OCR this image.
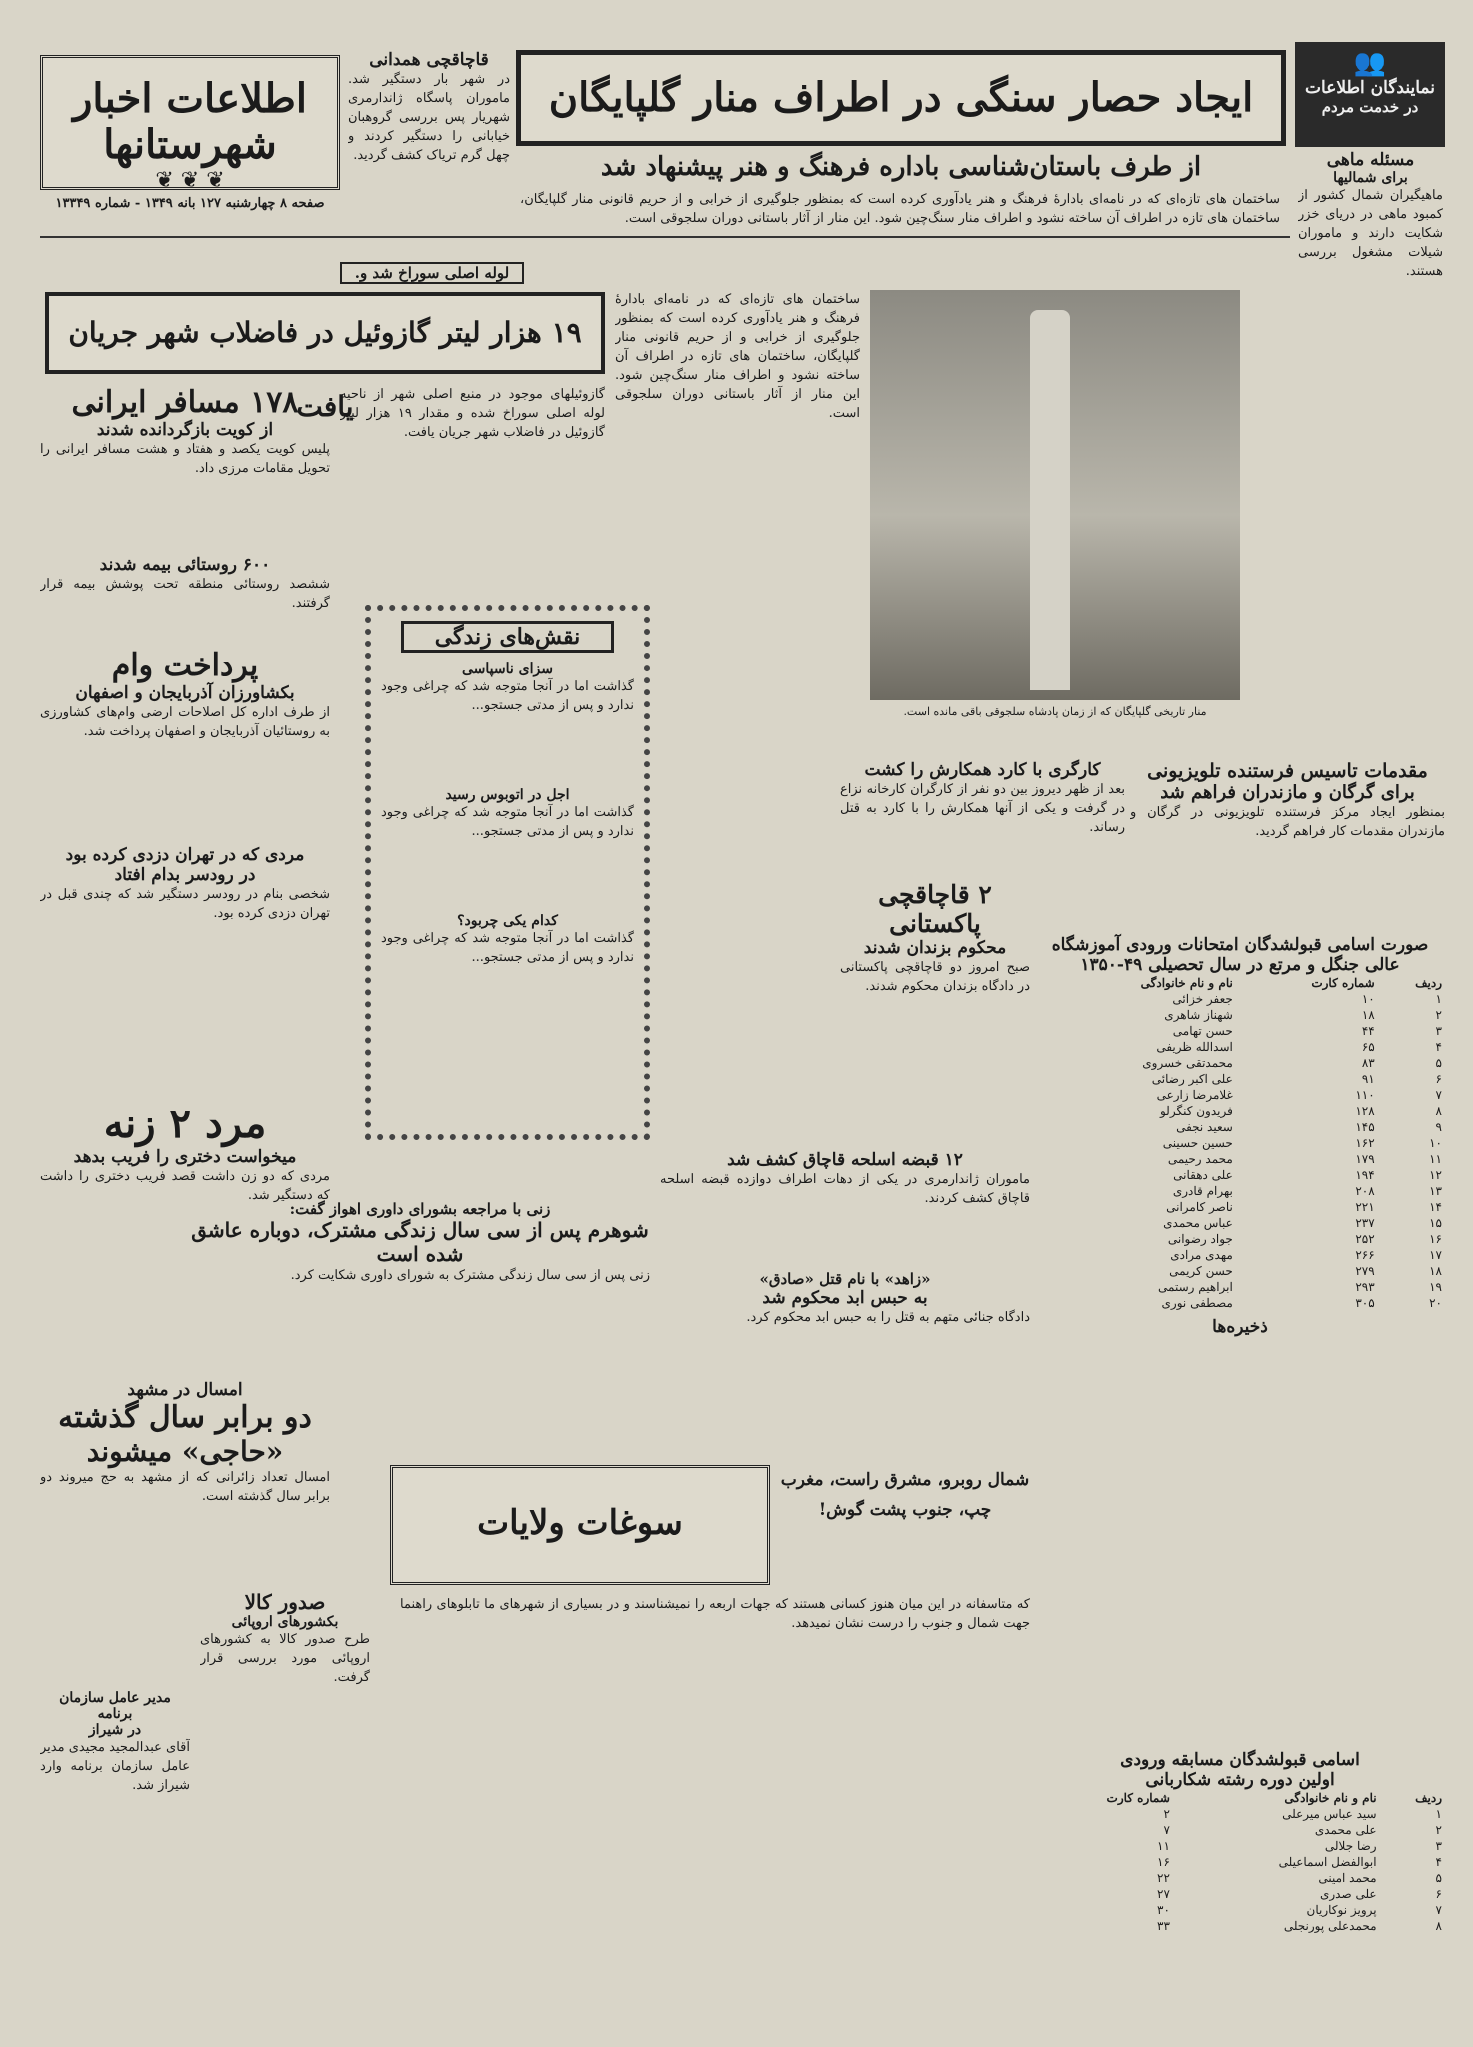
اطلاعات اخبار شهرستانها
❦ ❦ ❦
صفحه ۸ چهارشنبه ۱۲۷ بانه ۱۳۴۹ - شماره ۱۳۳۴۹
قاچاقچی همدانی
در شهر بار دستگیر شد. ماموران پاسگاه ژاندارمری شهریار پس بررسی گروهبان خیابانی را دستگیر کردند و چهل گرم تریاک کشف گردید.
ایجاد حصار سنگی در اطراف منار گلپایگان
از طرف باستان‌شناسی باداره فرهنگ و هنر پیشنهاد شد
👥
نمایندگان اطلاعات
در خدمت مردم
ساختمان های تازه‌ای که در نامه‌ای بادارهٔ فرهنگ و هنر یادآوری کرده است که بمنظور جلوگیری از خرابی و از حریم قانونی منار گلپایگان، ساختمان های تازه در اطراف آن ساخته نشود و اطراف منار سنگ‌چین شود. این منار از آثار باستانی دوران سلجوقی است.
منار تاریخی گلپایگان که از زمان پادشاه سلجوقی باقی مانده است.
ساختمان های تازه‌ای که در نامه‌ای بادارهٔ فرهنگ و هنر یادآوری کرده است که بمنظور جلوگیری از خرابی و از حریم قانونی منار گلپایگان، ساختمان های تازه در اطراف آن ساخته نشود و اطراف منار سنگ‌چین شود. این منار از آثار باستانی دوران سلجوقی است.
مسئله ماهی
برای شمالیها
ماهیگیران شمال کشور از کمبود ماهی در دریای خزر شکایت دارند و ماموران شیلات مشغول بررسی هستند.
مقدمات تاسیس فرستنده تلویزیونی
برای گرگان و مازندران فراهم شد
بمنظور ایجاد مرکز فرستنده تلویزیونی در گرگان و مازندران مقدمات کار فراهم گردید.
کارگری با کارد همکارش را کشت
بعد از ظهر دیروز بین دو نفر از کارگران کارخانه نزاع در گرفت و یکی از آنها همکارش را با کارد به قتل رساند.
۲ قاچاقچی پاکستانی
محکوم بزندان شدند
صبح امروز دو قاچاقچی پاکستانی در دادگاه بزندان محکوم شدند.
صورت اسامی قبولشدگان امتحانات ورودی آموزشگاه
عالی جنگل و مرتع در سال تحصیلی ۴۹-۱۳۵۰
ردیف	شماره کارت	نام و نام خانوادگی
۱	۱۰	جعفر خزائی
۲	۱۸	شهناز شاهری
۳	۴۴	حسن تهامی
۴	۶۵	اسدالله ظریفی
۵	۸۳	محمدتقی خسروی
۶	۹۱	علی اکبر رضائی
۷	۱۱۰	غلامرضا زارعی
۸	۱۲۸	فریدون کنگرلو
۹	۱۴۵	سعید نجفی
۱۰	۱۶۲	حسین حسینی
۱۱	۱۷۹	محمد رحیمی
۱۲	۱۹۴	علی دهقانی
۱۳	۲۰۸	بهرام قادری
۱۴	۲۲۱	ناصر کامرانی
۱۵	۲۳۷	عباس محمدی
۱۶	۲۵۲	جواد رضوانی
۱۷	۲۶۶	مهدی مرادی
۱۸	۲۷۹	حسن کریمی
۱۹	۲۹۳	ابراهیم رستمی
۲۰	۳۰۵	مصطفی نوری
ذخیره‌ها
۱۲ قبضه اسلحه قاچاق کشف شد
ماموران ژاندارمری در یکی از دهات اطراف دوازده قبضه اسلحه قاچاق کشف کردند.
«زاهد» با نام قتل «صادق»
به حبس ابد محکوم شد
دادگاه جنائی متهم به قتل را به حبس ابد محکوم کرد.
اسامی قبولشدگان مسابقه ورودی
اولین دوره رشته شکاربانی
ردیف	نام و نام خانوادگی	شماره کارت
۱	سید عباس میرعلی	۲
۲	علی محمدی	۷
۳	رضا جلالی	۱۱
۴	ابوالفضل اسماعیلی	۱۶
۵	محمد امینی	۲۲
۶	علی صدری	۲۷
۷	پرویز نوکاریان	۳۰
۸	محمدعلی پورنجلی	۳۳
لوله اصلی سوراخ شد و.
۱۹ هزار لیتر گازوئیل در فاضلاب شهر جریان یافت
گازوئیلهای موجود در منبع اصلی شهر از ناحیه لوله اصلی سوراخ شده و مقدار ۱۹ هزار لیتر گازوئیل در فاضلاب شهر جریان یافت.
۱۷۸ مسافر ایرانی
از کویت بازگردانده شدند
پلیس کویت یکصد و هفتاد و هشت مسافر ایرانی را تحویل مقامات مرزی داد.
۶۰۰ روستائی بیمه شدند
ششصد روستائی منطقه تحت پوشش بیمه قرار گرفتند.
پرداخت وام
بکشاورزان آذربایجان و اصفهان
از طرف اداره کل اصلاحات ارضی وام‌های کشاورزی به روستائیان آذربایجان و اصفهان پرداخت شد.
مردی که در تهران دزدی کرده بود
در رودسر بدام افتاد
شخصی بنام در رودسر دستگیر شد که چندی قبل در تهران دزدی کرده بود.
مرد ۲ زنه
میخواست دختری را فریب بدهد
مردی که دو زن داشت قصد فریب دختری را داشت که دستگیر شد.
نقش‌های زندگی
سزای ناسپاسی
گذاشت اما در آنجا متوجه شد که چراغی وجود ندارد و پس از مدتی جستجو...
اجل در اتوبوس رسید
گذاشت اما در آنجا متوجه شد که چراغی وجود ندارد و پس از مدتی جستجو...
کدام یکی چربود؟
گذاشت اما در آنجا متوجه شد که چراغی وجود ندارد و پس از مدتی جستجو...
زنی با مراجعه بشورای داوری اهواز گفت:
شوهرم پس از سی سال زندگی مشترک، دوباره عاشق شده است
زنی پس از سی سال زندگی مشترک به شورای داوری شکایت کرد.
امسال در مشهد
دو برابر سال گذشته
«حاجی» میشوند
امسال تعداد زائرانی که از مشهد به حج میروند دو برابر سال گذشته است.
سوغات ولایات
شمال روبرو، مشرق راست، مغرب چپ، جنوب پشت گوش!
که متاسفانه در این میان هنوز کسانی هستند که جهات اربعه را نمیشناسند و در بسیاری از شهرهای ما تابلوهای راهنما جهت شمال و جنوب را درست نشان نمیدهد.
صدور کالا
بکشورهای اروپائی
طرح صدور کالا به کشورهای اروپائی مورد بررسی قرار گرفت.
مدیر عامل سازمان برنامه
در شیراز
آقای عبدالمجید مجیدی مدیر عامل سازمان برنامه وارد شیراز شد.
